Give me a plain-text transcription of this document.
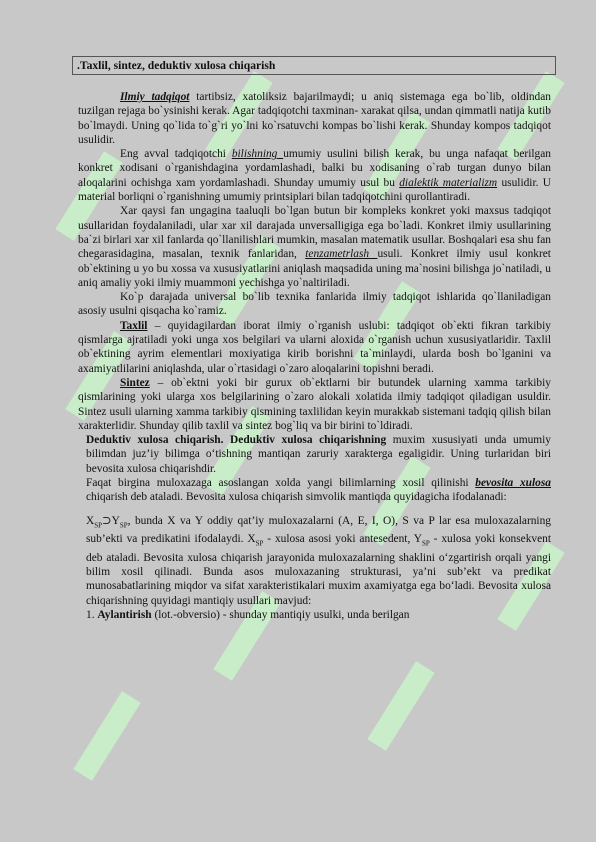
.Taxlil, sintez, deduktiv xulosa chiqarish

Ilmiy tadqiqot tartibsiz, xatoliksiz bajarilmaydi; u aniq sistemaga ega bo`lib, oldindan tuzilgan rejaga bo`ysinishi kerak. Agar tadqiqotchi taxminan- xarakat qilsa, undan qimmatli natija kutib bo`lmaydi. Uning qo`lida to`g`ri yo`lni ko`rsatuvchi kompas bo`lishi kerak. Shunday kompos tadqiqot usulidir.

Eng avval tadqiqotchi bilishning umumiy usulini bilish kerak, bu unga nafaqat berilgan konkret xodisani o`rganishdagina yordamlashadi, balki bu xodisaning o`rab turgan dunyo bilan aloqalarini ochishga xam yordamlashadi. Shunday umumiy usul bu dialektik materializm usulidir. U material borliqni o`rganishning umumiy printsiplari bilan tadqiqotchini qurollantiradi.

Xar qaysi fan ungagina taaluqli bo`lgan butun bir kompleks konkret yoki maxsus tadqiqot usullaridan foydalaniladi, ular xar xil darajada unversalligiga ega bo`ladi. Konkret ilmiy usullarining ba`zi birlari xar xil fanlarda qo`llanilishlari mumkin, masalan matematik usullar. Boshqalari esa shu fan chegarasidagina, masalan, texnik fanlaridan, tenzametrlash usuli. Konkret ilmiy usul konkret ob`ektining u yo bu xossa va xususiyatlarini aniqlash maqsadida uning ma`nosini bilishga jo`natiladi, u aniq amaliy yoki ilmiy muammoni yechishga yo`naltiriladi.

Ko`p darajada universal bo`lib texnika fanlarida ilmiy tadqiqot ishlarida qo`llaniladigan asosiy usulni qisqacha ko`ramiz.

Taxlil – quyidagilardan iborat ilmiy o`rganish uslubi: tadqiqot ob`ekti fikran tarkibiy qismlarga ajratiladi yoki unga xos belgilari va ularni aloxida o`rganish uchun xususiyatlaridir. Taxlil ob`ektining ayrim elementlari moxiyatiga kirib borishni ta`minlaydi, ularda bosh bo`lganini va axamiyatlilarini aniqlashda, ular o`rtasidagi o`zaro aloqalarini topishni beradi.

Sintez – ob`ektni yoki bir gurux ob`ektlarni bir butundek ularning xamma tarkibiy qismlarining yoki ularga xos belgilarining o`zaro alokali xolatida ilmiy tadqiqot qiladigan usuldir. Sintez usuli ularning xamma tarkibiy qismining taxlilidan keyin murakkab sistemani tadqiq qilish bilan xarakterlidir. Shunday qilib taxlil va sintez bog`liq va bir birini to`ldiradi.

Deduktiv xulosa chiqarish. Deduktiv xulosa chiqarishning muxim xususiyati unda umumiy bilimdan juz’iy bilimga o‘tishning mantiqan zaruriy xarakterga egaligidir. Uning turlaridan biri bevosita xulosa chiqarishdir.

Faqat birgina muloxazaga asoslangan xolda yangi bilimlarning xosil qilinishi bevosita xulosa chiqarish deb ataladi. Bevosita xulosa chiqarish simvolik mantiqda quyidagicha ifodalanadi:

$X_{SP}⊃Y_{SP}$, bunda X va Y oddiy qat’iy muloxazalarni (A, E, I, O), S va P lar esa muloxazalarning sub’ekti va predikatini ifodalaydi. $X_{SP}$ - xulosa asosi yoki antesedent, $Y_{SP}$ - xulosa yoki konsekvent deb ataladi. Bevosita xulosa chiqarish jarayonida muloxazalarning shaklini o‘zgartirish orqali yangi bilim xosil qilinadi. Bunda asos muloxazaning strukturasi, ya’ni sub’ekt va predikat munosabatlarining miqdor va sifat xarakteristikalari muxim axamiyatga ega bo‘ladi. Bevosita xulosa chiqarishning quyidagi mantiqiy usullari mavjud:

1. Aylantirish (lot.-obversio) - shunday mantiqiy usulki, unda berilgan
